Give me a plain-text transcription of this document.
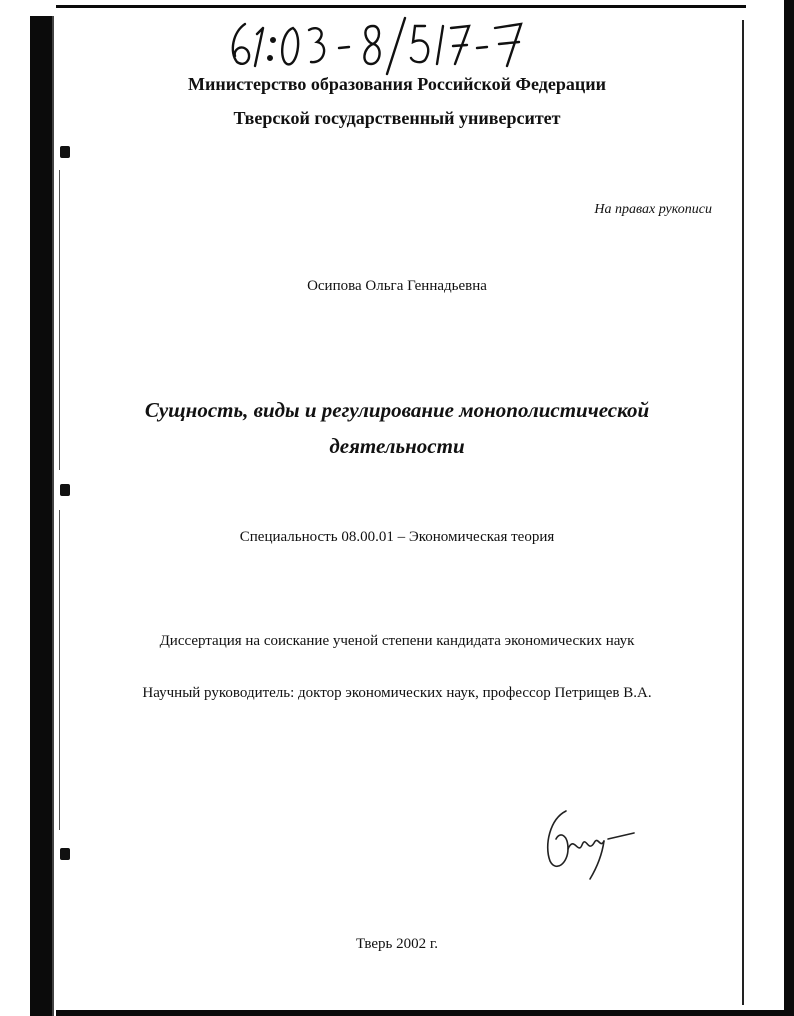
Министерство образования Российской Федерации
Тверской государственный университет
На правах рукописи
Осипова Ольга Геннадьевна
Сущность, виды и регулирование монополистической
деятельности
Специальность 08.00.01 – Экономическая теория
Диссертация на соискание ученой степени кандидата экономических наук
Научный руководитель: доктор экономических наук, профессор Петрищев В.А.
Тверь 2002 г.
